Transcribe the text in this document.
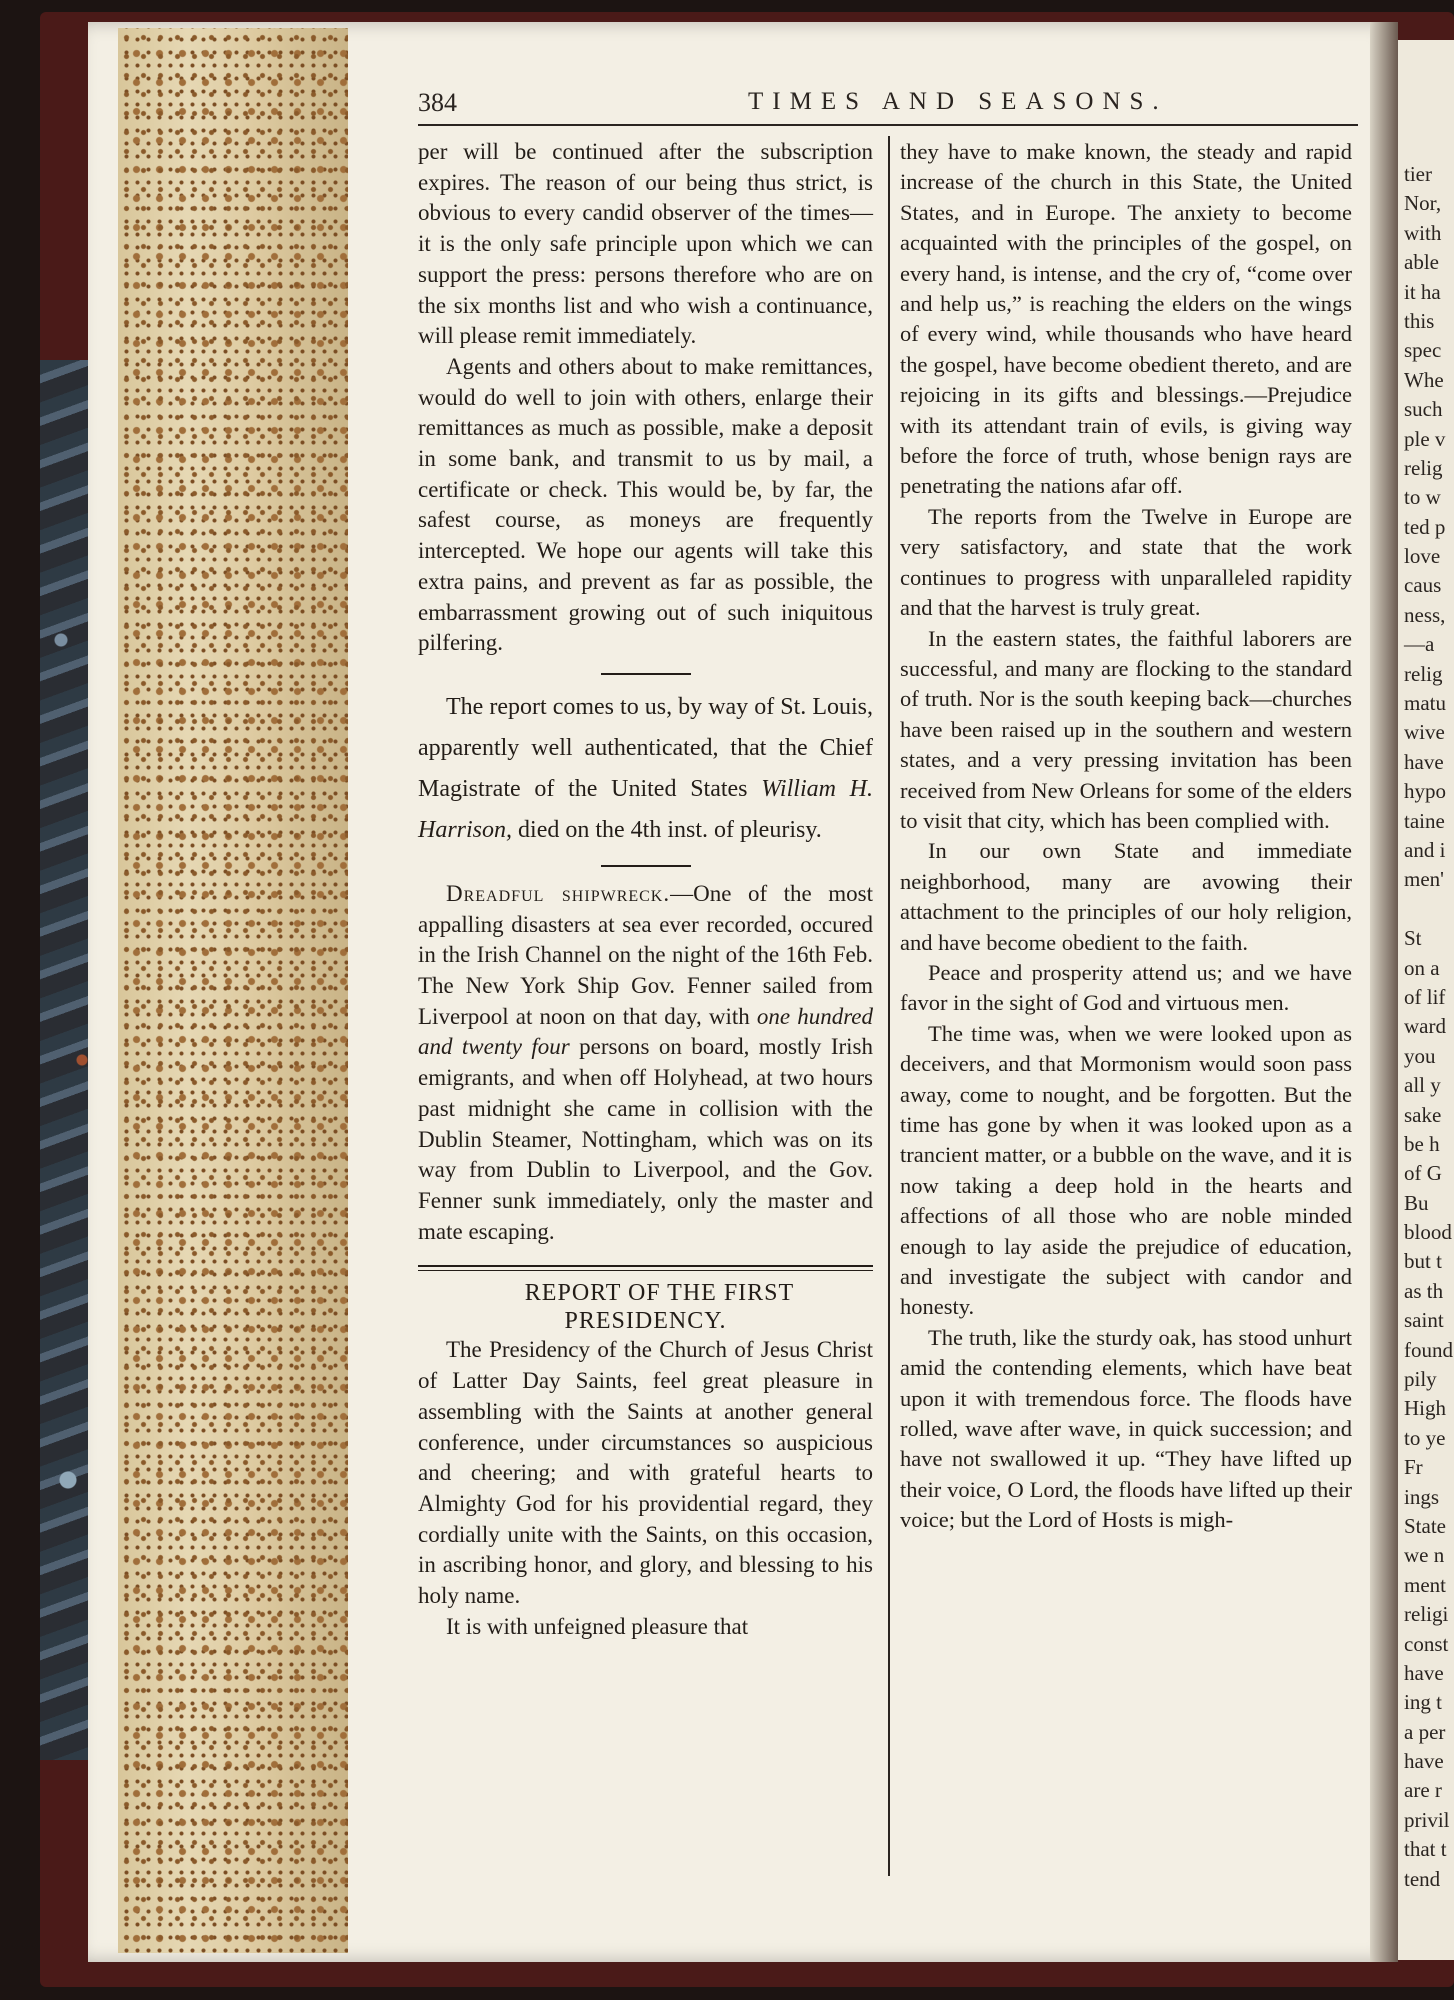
tier
Nor,
with
able
it ha
this
spec
Whe
such
ple v
relig
to w
ted p
love
caus
ness,
—a
relig
matu
wive
have
hypo
taine
and i
men'
St
on a
of lif
ward
you
all y
sake
be h
of G
Bu
blood
but t
as th
saint
found
pily
High
to ye
Fr
ings
State
we n
ment
religi
const
have
ing t
a per
have
are r
privil
that t
tend
384	TIMES AND SEASONS.

per will be continued after the subscription expires. The reason of our being thus strict, is obvious to every candid observer of the times—it is the only safe principle upon which we can support the press: persons therefore who are on the six months list and who wish a continuance, will please remit immediately.

Agents and others about to make remittances, would do well to join with others, enlarge their remittances as much as possible, make a deposit in some bank, and transmit to us by mail, a certificate or check. This would be, by far, the safest course, as moneys are frequently intercepted. We hope our agents will take this extra pains, and prevent as far as possible, the embarrassment growing out of such iniquitous pilfering.

The report comes to us, by way of St. Louis, apparently well authenticated, that the Chief Magistrate of the United States William H. Harrison, died on the 4th inst. of pleurisy.

Dreadful shipwreck.—One of the most appalling disasters at sea ever recorded, occured in the Irish Channel on the night of the 16th Feb. The New York Ship Gov. Fenner sailed from Liverpool at noon on that day, with one hundred and twenty four persons on board, mostly Irish emigrants, and when off Holyhead, at two hours past midnight she came in collision with the Dublin Steamer, Nottingham, which was on its way from Dublin to Liverpool, and the Gov. Fenner sunk immediately, only the master and mate escaping.

REPORT OF THE FIRST PRESIDENCY.

The Presidency of the Church of Jesus Christ of Latter Day Saints, feel great pleasure in assembling with the Saints at another general conference, under circumstances so auspicious and cheering; and with grateful hearts to Almighty God for his providential regard, they cordially unite with the Saints, on this occasion, in ascribing honor, and glory, and blessing to his holy name.

It is with unfeigned pleasure that

they have to make known, the steady and rapid increase of the church in this State, the United States, and in Europe. The anxiety to become acquainted with the principles of the gospel, on every hand, is intense, and the cry of, “come over and help us,” is reaching the elders on the wings of every wind, while thousands who have heard the gospel, have become obedient thereto, and are rejoicing in its gifts and blessings.—Prejudice with its attendant train of evils, is giving way before the force of truth, whose benign rays are penetrating the nations afar off.

The reports from the Twelve in Europe are very satisfactory, and state that the work continues to progress with unparalleled rapidity and that the harvest is truly great.

In the eastern states, the faithful laborers are successful, and many are flocking to the standard of truth. Nor is the south keeping back—churches have been raised up in the southern and western states, and a very pressing invitation has been received from New Orleans for some of the elders to visit that city, which has been complied with.

In our own State and immediate neighborhood, many are avowing their attachment to the principles of our holy religion, and have become obedient to the faith.

Peace and prosperity attend us; and we have favor in the sight of God and virtuous men.

The time was, when we were looked upon as deceivers, and that Mormonism would soon pass away, come to nought, and be forgotten. But the time has gone by when it was looked upon as a trancient matter, or a bubble on the wave, and it is now taking a deep hold in the hearts and affections of all those who are noble minded enough to lay aside the prejudice of education, and investigate the subject with candor and honesty.

The truth, like the sturdy oak, has stood unhurt amid the contending elements, which have beat upon it with tremendous force. The floods have rolled, wave after wave, in quick succession; and have not swallowed it up. “They have lifted up their voice, O Lord, the floods have lifted up their voice; but the Lord of Hosts is migh-
